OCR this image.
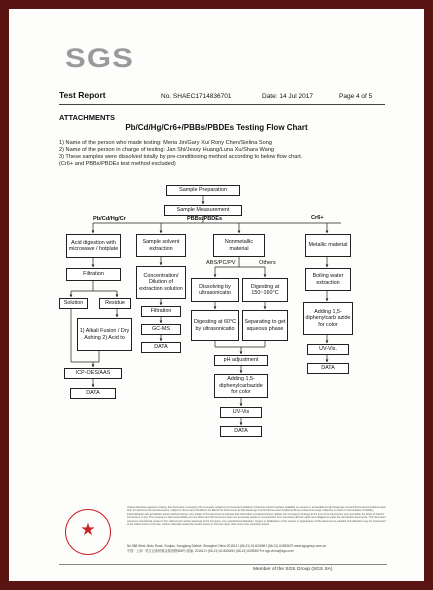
SGS
Test Report	No. SHAEC1714836701	Date: 14 Jul 2017	Page 4 of 5
ATTACHMENTS
Pb/Cd/Hg/Cr6+/PBBs/PBDEs Testing Flow Chart
1) Name of the person who made testing: Meria Jin/Gary Xu/ Rony Chen/Sielina Song
2) Name of the person in charge of testing: Jan Shi/Jessy Huang/Luna Xu/Shara Wang
3) These samples were dissolved totally by pre-conditioning method according to below flow chart.
(Cr6+ and PBBs/PBDEs test method excluded)
Pb/Cd/Hg/Cr	PBBs/PBDEs	Cr6+
ABS/PC/PV	Others
Sample Preparation
Sample Measurement
Acid digestion with microwave / hotplate
Filtration
Solution	Residue
1) Alkali Fusion / Dry Ashing 2) Acid to
ICP-OES/AAS
DATA
Sample solvent extraction
Concentration/ Dilution of extraction solution
Filtration
GC-MS
DATA
Nonmetallic material
Dissolving by ultrasonicatio
Digesting at 150~160°C
Digesting at 60°C by ultrasonicatio
Separating to get aqueous phase
pH adjustment
Adding 1,5-diphenylcarbazide for color
UV-Vis
DATA
Metallic material
Boiling water extraction
Adding 1,5-diphenylcarb azide for color
UV-Vis.
DATA
★
Unless otherwise agreed in writing, this document is issued by the Company subject to its General Conditions of Service printed overleaf, available on request or accessible at http://www.sgs.com/en/Terms-and-Conditions.aspx and, for electronic format documents, subject to Terms and Conditions for Electronic Documents at http://www.sgs.com/en/Terms-and-Conditions/Terms-e-Document.aspx. Attention is drawn to the limitation of liability, indemnification and jurisdiction issues defined therein. Any holder of this document is advised that information contained hereon reflects the Company's findings at the time of its intervention only and within the limits of Client's instructions, if any. The Company's sole responsibility is to its Client and this document does not exonerate parties to a transaction from exercising all their rights and obligations under the transaction documents. This document cannot be reproduced except in full, without prior written approval of the Company. Any unauthorized alteration, forgery or falsification of the content or appearance of this document is unlawful and offenders may be prosecuted to the fullest extent of the law. Unless otherwise stated the results shown in this test report refer only to the sample(s) tested.
No.588 West Jindu Road, Xinqiao, Songjiang District, Shanghai China 201612 t (86-21) 61402666 f (86-21) 64953679 www.sgsgroup.com.cn
中国 · 上海 · 松江区新桥镇金都西路588号 邮编: 201612 t (86-21) 61402666 f (86-21) 64953679 e sgs.china@sgs.com
Member of the SGS Group (SGS SA)
